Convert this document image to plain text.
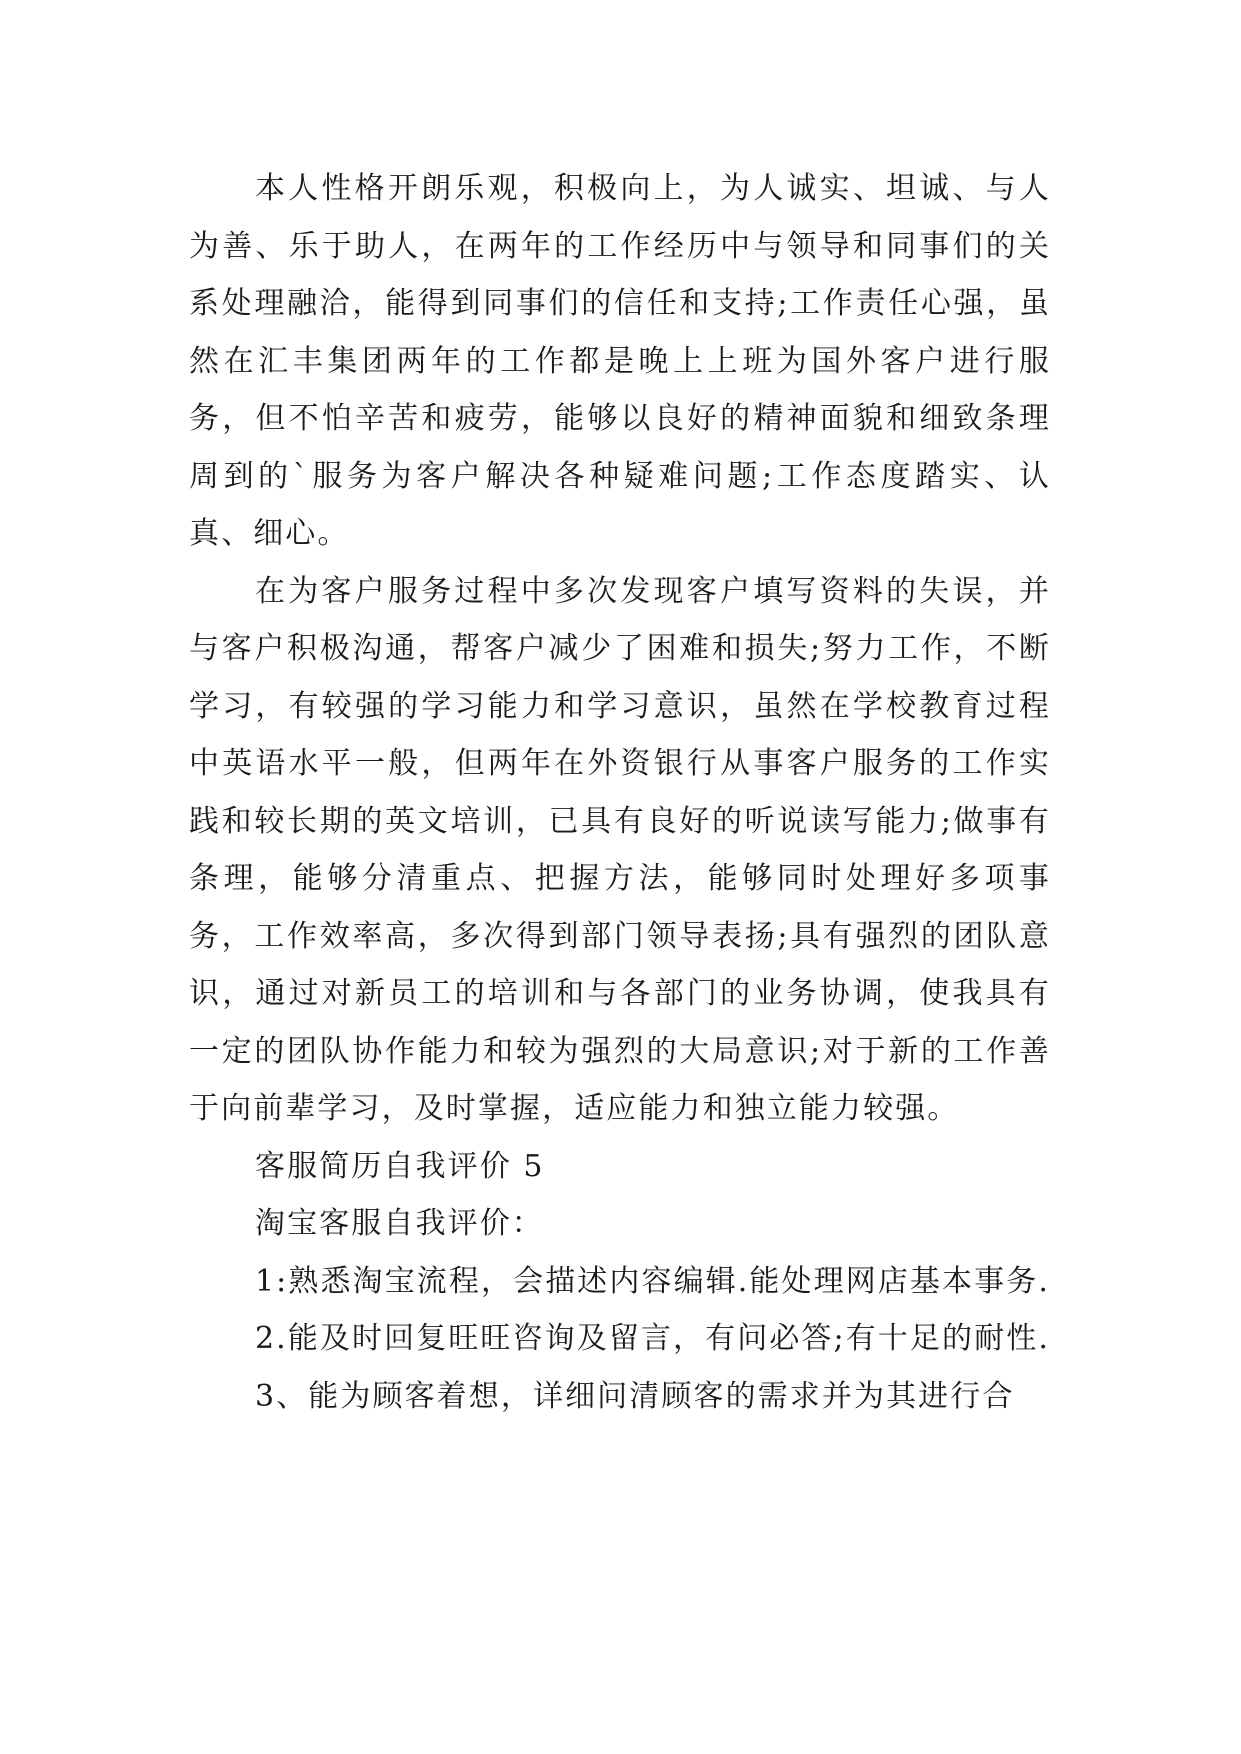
本人性格开朗乐观，积极向上，为人诚实、坦诚、与人为善、乐于助人，在两年的工作经历中与领导和同事们的关系处理融洽，能得到同事们的信任和支持;工作责任心强，虽然在汇丰集团两年的工作都是晚上上班为国外客户进行服务，但不怕辛苦和疲劳，能够以良好的精神面貌和细致条理周到的`服务为客户解决各种疑难问题;工作态度踏实、认真、细心。

在为客户服务过程中多次发现客户填写资料的失误，并与客户积极沟通，帮客户减少了困难和损失;努力工作，不断学习，有较强的学习能力和学习意识，虽然在学校教育过程中英语水平一般，但两年在外资银行从事客户服务的工作实践和较长期的英文培训，已具有良好的听说读写能力;做事有条理，能够分清重点、把握方法，能够同时处理好多项事务，工作效率高，多次得到部门领导表扬;具有强烈的团队意识，通过对新员工的培训和与各部门的业务协调，使我具有一定的团队协作能力和较为强烈的大局意识;对于新的工作善于向前辈学习，及时掌握，适应能力和独立能力较强。

客服简历自我评价 5

淘宝客服自我评价：

1:熟悉淘宝流程，会描述内容编辑.能处理网店基本事务.

2.能及时回复旺旺咨询及留言，有问必答;有十足的耐性.

3、能为顾客着想，详细问清顾客的需求并为其进行合
